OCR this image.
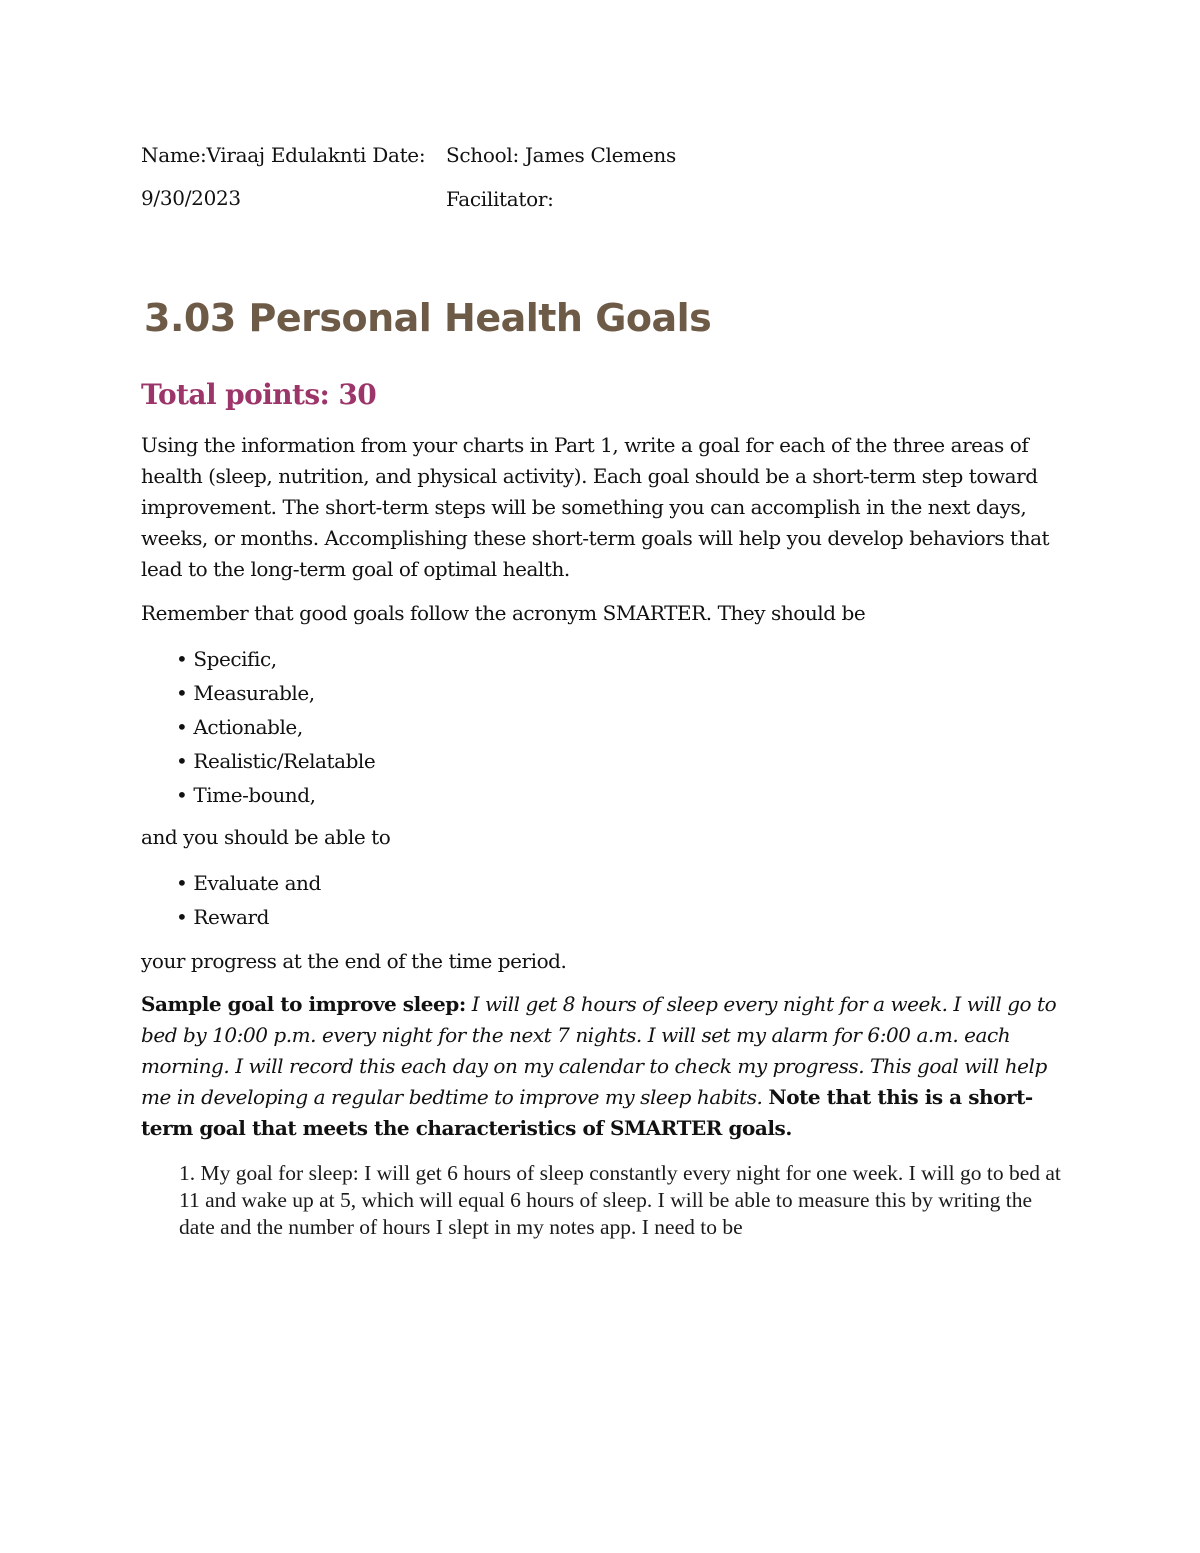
Name:Viraaj Edulaknti Date: School: James Clemens
9/30/2023	Facilitator:
3.03 Personal Health Goals
Total points: 30
Using the information from your charts in Part 1, write a goal for each of the three areas of health (sleep, nutrition, and physical activity). Each goal should be a short-term step toward improvement. The short-term steps will be something you can accomplish in the next days, weeks, or months. Accomplishing these short-term goals will help you develop behaviors that lead to the long-term goal of optimal health.
Remember that good goals follow the acronym SMARTER. They should be
• Specific,
• Measurable,
• Actionable,
• Realistic/Relatable
• Time-bound,
and you should be able to
• Evaluate and
• Reward
your progress at the end of the time period.
Sample goal to improve sleep: I will get 8 hours of sleep every night for a week. I will go to bed by 10:00 p.m. every night for the next 7 nights. I will set my alarm for 6:00 a.m. each morning. I will record this each day on my calendar to check my progress. This goal will help me in developing a regular bedtime to improve my sleep habits. Note that this is a short-term goal that meets the characteristics of SMARTER goals.
1. My goal for sleep: I will get 6 hours of sleep constantly every night for one week. I will go to bed at 11 and wake up at 5, which will equal 6 hours of sleep. I will be able to measure this by writing the date and the number of hours I slept in my notes app. I need to be
